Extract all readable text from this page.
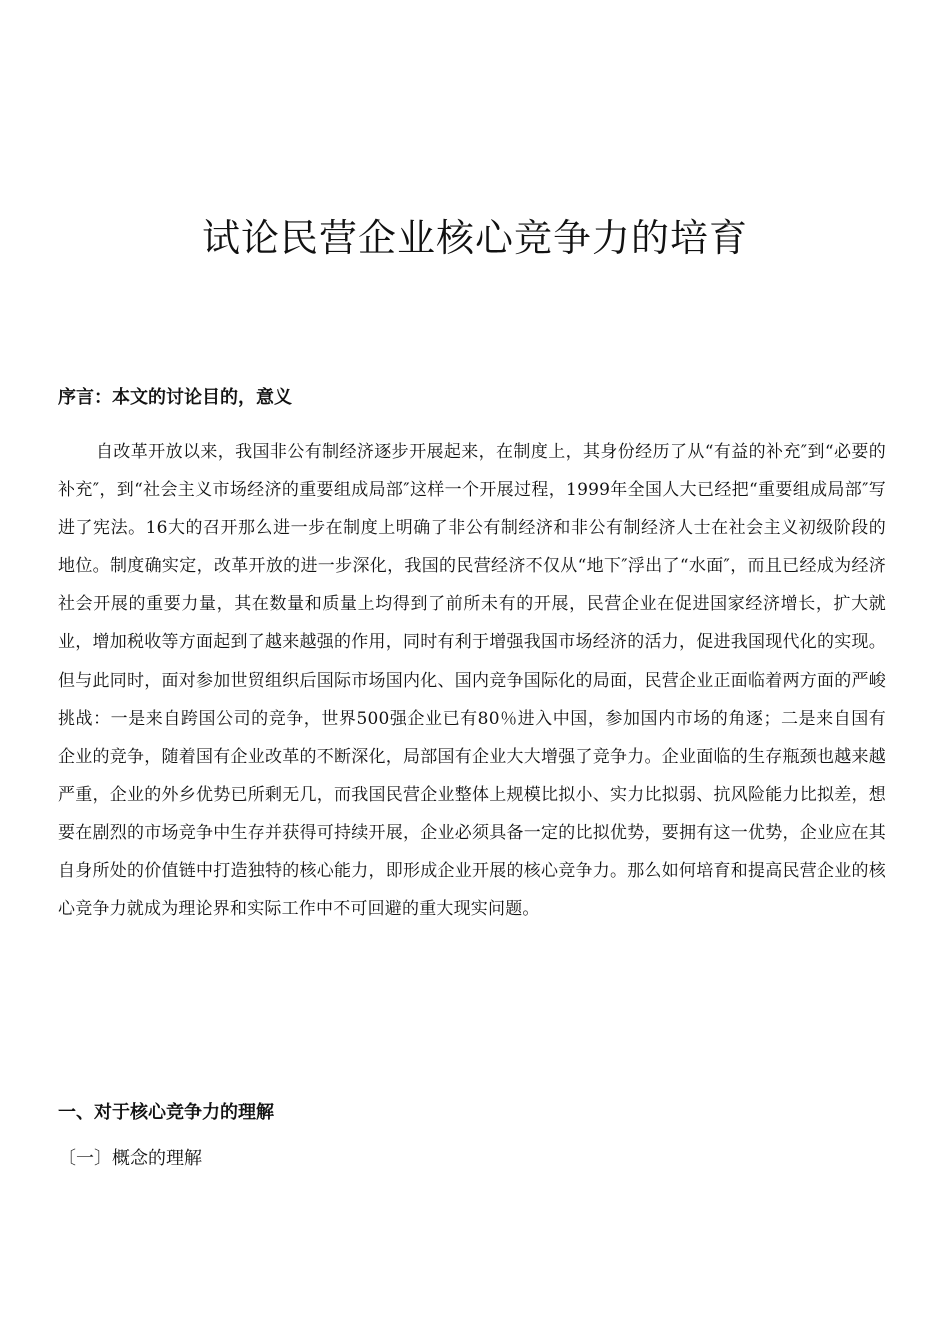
试论民营企业核心竞争力的培育

序言：本文的讨论目的，意义

自改革开放以来，我国非公有制经济逐步开展起来，在制度上，其身份经历了从“有益的补充″到“必要的补充″，到“社会主义市场经济的重要组成局部″这样一个开展过程，1999年全国人大已经把“重要组成局部″写进了宪法。16大的召开那么进一步在制度上明确了非公有制经济和非公有制经济人士在社会主义初级阶段的地位。制度确实定，改革开放的进一步深化，我国的民营经济不仅从“地下″浮出了“水面″，而且已经成为经济社会开展的重要力量，其在数量和质量上均得到了前所未有的开展，民营企业在促进国家经济增长，扩大就业，增加税收等方面起到了越来越强的作用，同时有利于增强我国市场经济的活力，促进我国现代化的实现。但与此同时，面对参加世贸组织后国际市场国内化、国内竞争国际化的局面，民营企业正面临着两方面的严峻挑战：一是来自跨国公司的竞争，世界500强企业已有80％进入中国，参加国内市场的角逐；二是来自国有企业的竞争，随着国有企业改革的不断深化，局部国有企业大大增强了竞争力。企业面临的生存瓶颈也越来越严重，企业的外乡优势已所剩无几，而我国民营企业整体上规模比拟小、实力比拟弱、抗风险能力比拟差，想要在剧烈的市场竞争中生存并获得可持续开展，企业必须具备一定的比拟优势，要拥有这一优势，企业应在其自身所处的价值链中打造独特的核心能力，即形成企业开展的核心竞争力。那么如何培育和提高民营企业的核心竞争力就成为理论界和实际工作中不可回避的重大现实问题。

一、对于核心竞争力的理解

〔一〕概念的理解
